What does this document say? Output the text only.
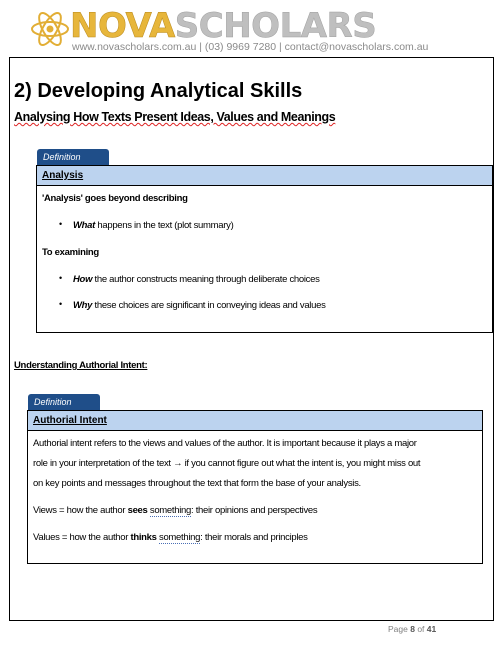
NOVASCHOLARS
www.novascholars.com.au | (03) 9969 7280 | contact@novascholars.com.au
2) Developing Analytical Skills
Analysing How Texts Present Ideas, Values and Meanings
Definition
Analysis
'Analysis' goes beyond describing
• What happens in the text (plot summary)
To examining
• How the author constructs meaning through deliberate choices
• Why these choices are significant in conveying ideas and values
Understanding Authorial Intent:
Definition
Authorial Intent
Authorial intent refers to the views and values of the author. It is important because it plays a major
role in your interpretation of the text → if you cannot figure out what the intent is, you might miss out
on key points and messages throughout the text that form the base of your analysis.
Views = how the author sees something: their opinions and perspectives
Values = how the author thinks something: their morals and principles
Page 8 of 41
